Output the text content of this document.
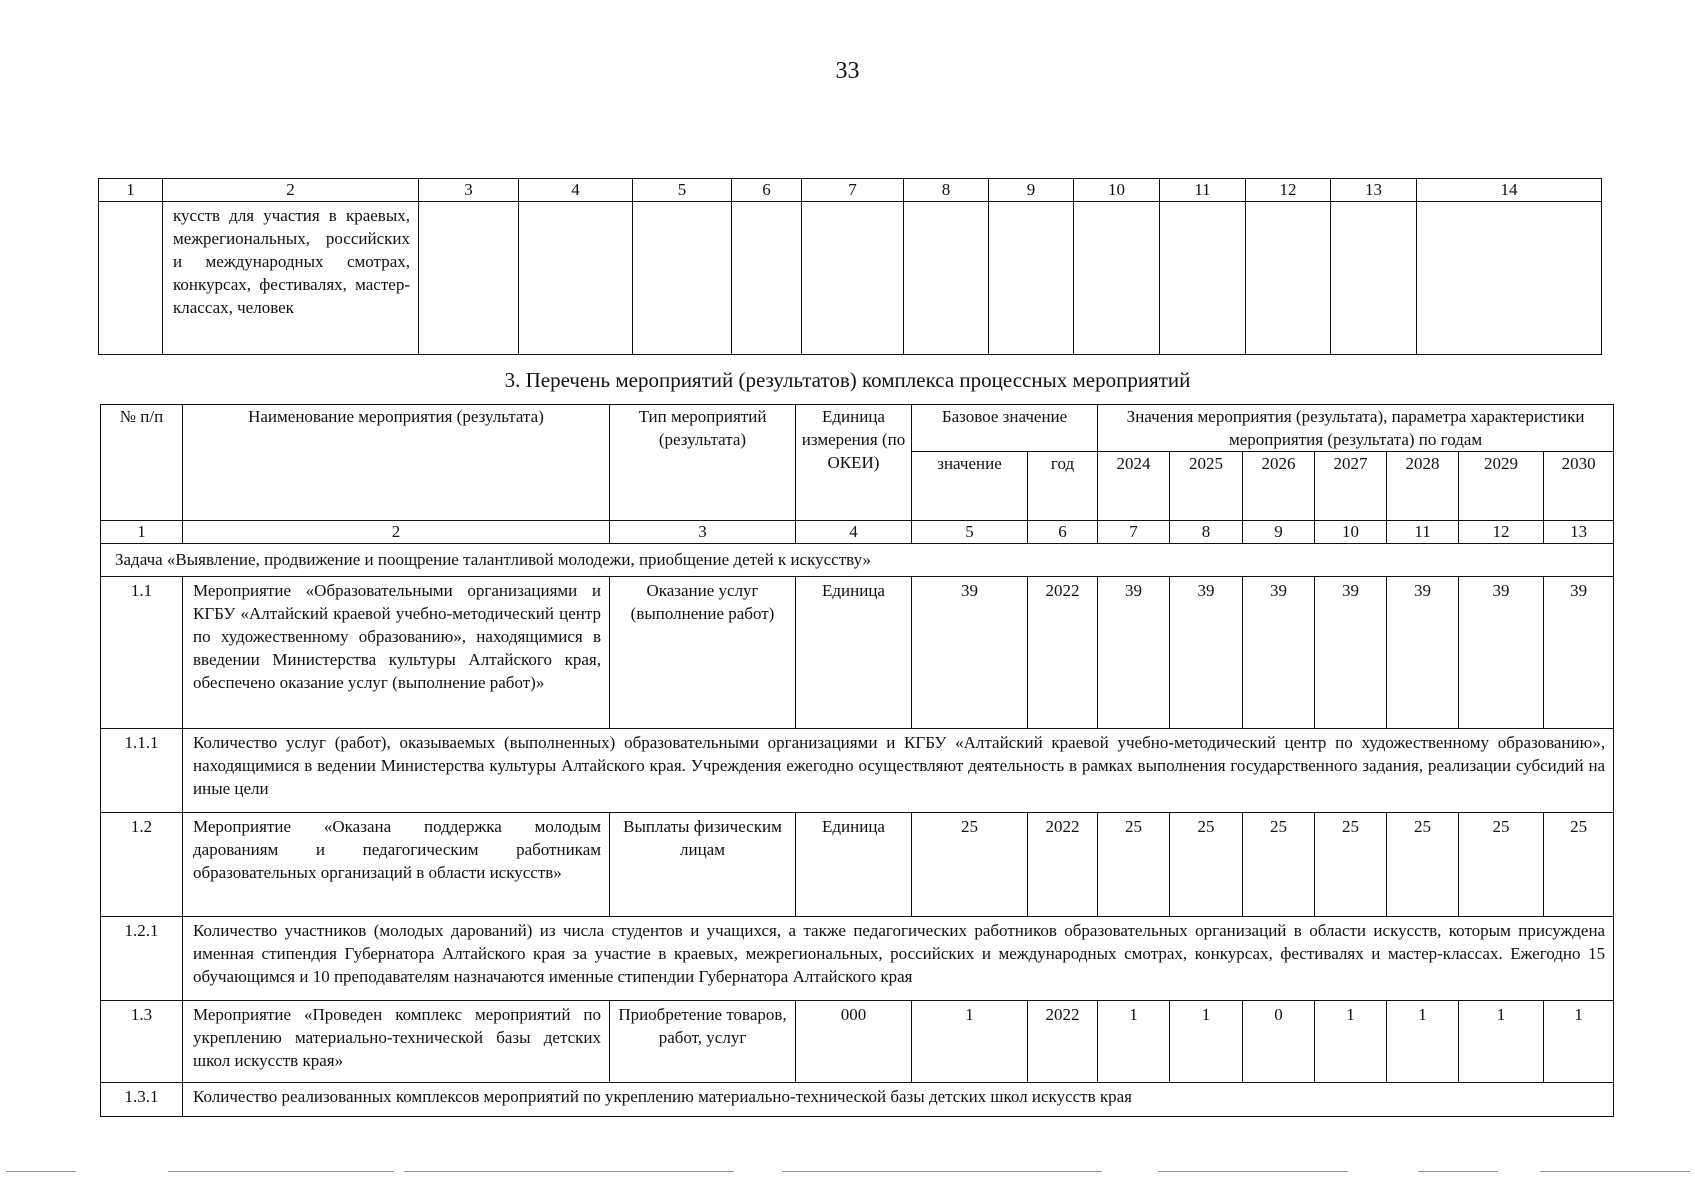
33
1	2	3	4	5	6	7	8	9	10	11	12	13	14
	кусств для участия в краевых, межрегиональных, российских и международных смотрах, конкурсах, фестивалях, мастер-классах, человек												
3. Перечень мероприятий (результатов) комплекса процессных мероприятий
№ п/п	Наименование мероприятия (результата)	Тип мероприятий (результата)	Единица измерения (по ОКЕИ)	Базовое значение		Значения мероприятия (результата), параметра характеристики мероприятия (результата) по годам						
				значение	год	2024	2025	2026	2027	2028	2029	2030
1	2	3	4	5	6	7	8	9	10	11	12	13
Задача «Выявление, продвижение и поощрение талантливой молодежи, приобщение детей к искусству»												
1.1	Мероприятие «Образовательными организациями и КГБУ «Алтайский краевой учебно-методический центр по художественному образованию», находящимися в введении Министерства культуры Алтайского края, обеспечено оказание услуг (выполнение работ)»	Оказание услуг (выполнение работ)	Единица	39	2022	39	39	39	39	39	39	39
1.1.1	Количество услуг (работ), оказываемых (выполненных) образовательными организациями и КГБУ «Алтайский краевой учебно-методический центр по художественному образованию», находящимися в ведении Министерства культуры Алтайского края. Учреждения ежегодно осуществляют деятельность в рамках выполнения государственного задания, реализации субсидий на иные цели											
1.2	Мероприятие «Оказана поддержка молодым дарованиям и педагогическим работникам образовательных организаций в области искусств»	Выплаты физическим лицам	Единица	25	2022	25	25	25	25	25	25	25
1.2.1	Количество участников (молодых дарований) из числа студентов и учащихся, а также педагогических работников образовательных организаций в области искусств, которым присуждена именная стипендия Губернатора Алтайского края за участие в краевых, межрегиональных, российских и международных смотрах, конкурсах, фестивалях и мастер-классах. Ежегодно 15 обучающимся и 10 преподавателям назначаются именные стипендии Губернатора Алтайского края											
1.3	Мероприятие «Проведен комплекс мероприятий по укреплению материально-технической базы детских школ искусств края»	Приобретение товаров, работ, услуг	000	1	2022	1	1	0	1	1	1	1
1.3.1	Количество реализованных комплексов мероприятий по укреплению материально-технической базы детских школ искусств края											
